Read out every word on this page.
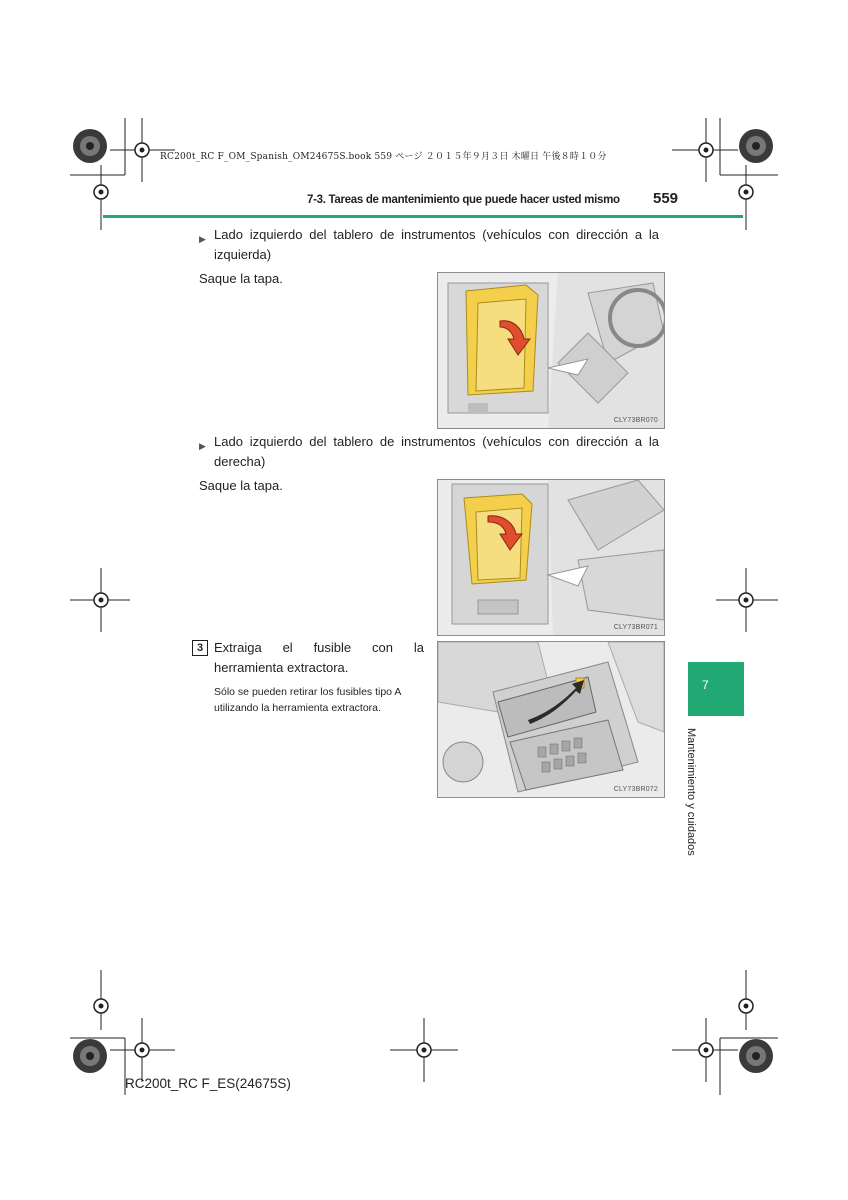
RC200t_RC F_OM_Spanish_OM24675S.book 559 ページ ２０１５年９月３日 木曜日 午後８時１０分
7-3. Tareas de mantenimiento que puede hacer usted mismo 559
▶ Lado izquierdo del tablero de instrumentos (vehículos con dirección a la izquierda)
Saque la tapa.
CLY73BR070
▶ Lado izquierdo del tablero de instrumentos (vehículos con dirección a la derecha)
Saque la tapa.
CLY73BR071
3 Extraiga el fusible con la herramienta extractora.
Sólo se pueden retirar los fusibles tipo A utilizando la herramienta extractora.
CLY73BR072
7
Mantenimiento y cuidados
RC200t_RC F_ES(24675S)
